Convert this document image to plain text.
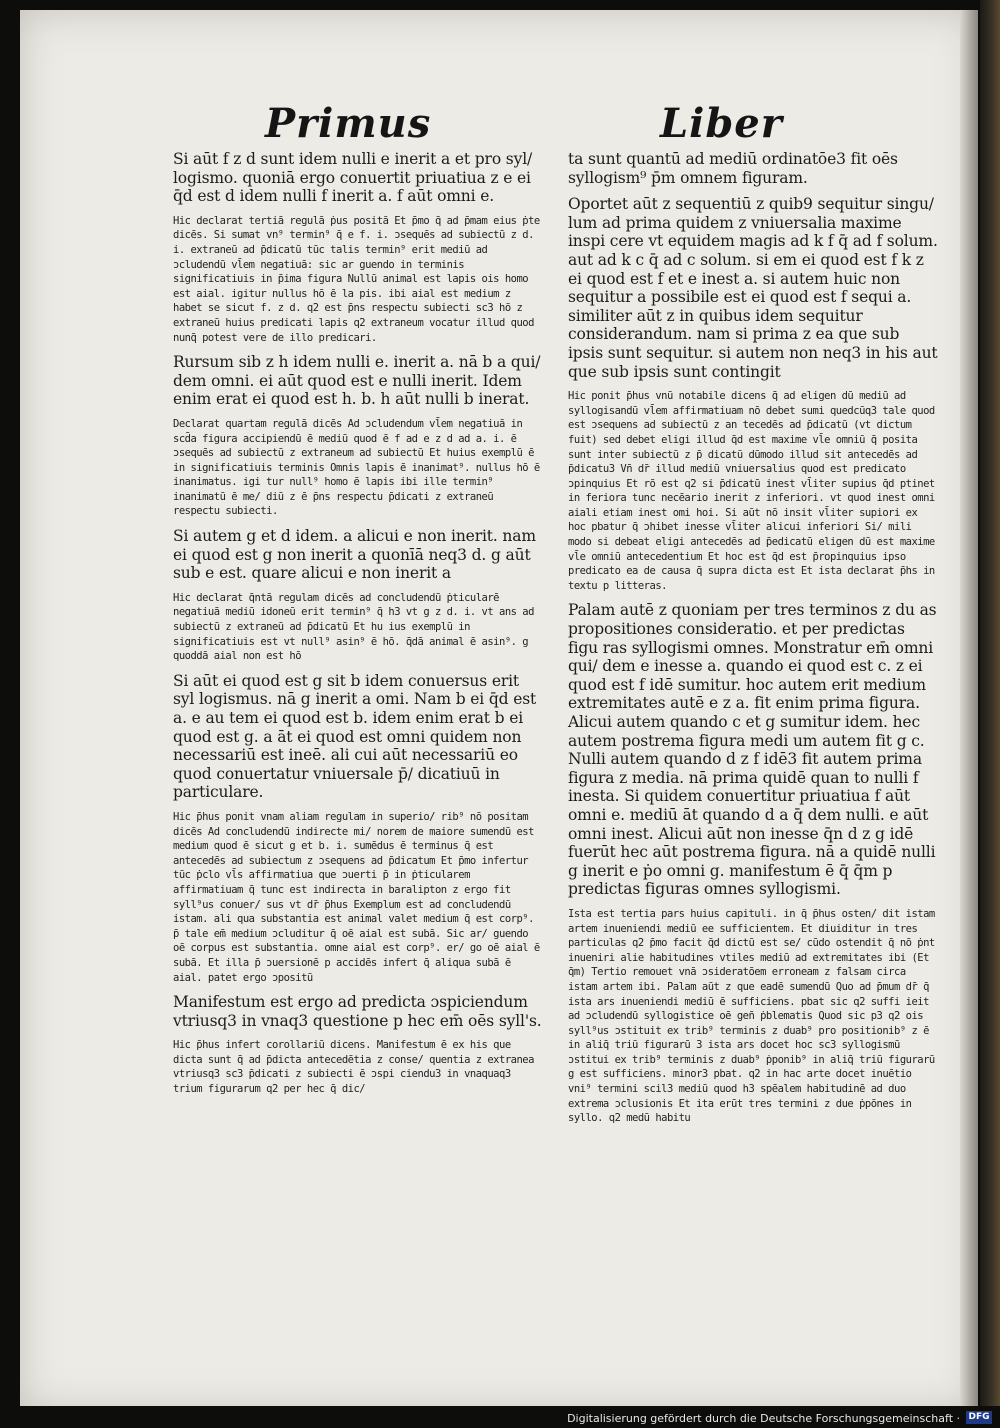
Primus	Liber

Si aūt f z d sunt idem nulli e inerit a et pro syl/ logismo. quoniā ergo conuertit priuatiua z e ei q̄d est d idem nulli f inerit a. f aūt omni e.

Hic declarat tertiā regulā ṗus positā Et p̄mo q̄ ad p̄mam eius ṗte dicēs. Si sumat vn⁹ termin⁹ q̄ e f. i. ɔsequēs ad subiectū z d. i. extraneū ad p̄dicatū tūc talis termin⁹ erit mediū ad ɔcludendū vl̄em negatiuā: sic ar guendo in terminis significatiuis in p̄ima figura Nullū animal est lapis ois homo est aial. igitur nullus hō ē la pis. ibi aial est medium z habet se sicut f. z d. q2 est p̄ns respectu subiecti sc3 hō z extraneū huius predicati lapis q2 extraneum vocatur illud quod nunq̄ potest vere de illo predicari.

Rursum sib z h idem nulli e. inerit a. nā b a qui/ dem omni. ei aūt quod est e nulli inerit. Idem enim erat ei quod est h. b. h aūt nulli b inerat.

Declarat quartam regulā dicēs Ad ɔcludendum vl̄em negatiuā in scd̄a figura accipiendū ē mediū quod ē f ad e z d ad a. i. ē ɔsequēs ad subiectū z extraneum ad subiectū Et huius exemplū ē in significatiuis terminis Omnis lapis ē inanimat⁹. nullus hō ē inanimatus. igi tur null⁹ homo ē lapis ibi ille termin⁹ inanimatū ē me/ diū z ē p̄ns respectu p̄dicati z extraneū respectu subiecti.

Si autem g et d idem. a alicui e non inerit. nam ei quod est g non inerit a quonīā neq3 d. g aūt sub e est. quare alicui e non inerit a

Hic declarat q̄ntā regulam dicēs ad concludendū ṗticularē negatiuā mediū idoneū erit termin⁹ q̄ h3 vt g z d. i. vt ans ad subiectū z extraneū ad p̄dicatū Et hu ius exemplū in significatiuis est vt null⁹ asin⁹ ē hō. q̄dā animal ē asin⁹. g quoddā aial non est hō

Si aūt ei quod est g sit b idem conuersus erit syl logismus. nā g inerit a omi. Nam b ei q̄d est a. e au tem ei quod est b. idem enim erat b ei quod est g. a āt ei quod est omni quidem non necessariū est ineē. ali cui aūt necessariū eo quod conuertatur vniuersale p̄/ dicatiuū in particulare.

Hic p̄hus ponit vnam aliam regulam in superio/ rib⁹ nō positam dicēs Ad concludendū indirecte mi/ norem de maiore sumendū est medium quod ē sicut g et b. i. sumēdus ē terminus q̄ est antecedēs ad subiectum z ɔsequens ad p̄dicatum Et p̄mo infertur tūc ṗclo vl̄s affirmatiua que ɔuerti p̄ in ṗticularem affirmatiuam q̄ tunc est indirecta in baralipton z ergo fit syll⁹us conuer/ sus vt dr̄ p̄hus Exemplum est ad concludendū istam. ali qua substantia est animal valet medium q̄ est corp⁹. p̄ tale em̄ medium ɔcluditur q̄ oē aial est subā. Sic ar/ guendo oē corpus est substantia. omne aial est corp⁹. er/ go oē aial ē subā. Et illa p̄ ɔuersionē p accidēs infert q̄ aliqua subā ē aial. patet ergo ɔpositū

Manifestum est ergo ad predicta ɔspiciendum vtriusq3 in vnaq3 questione p hec em̄ oēs syll's.

Hic p̄hus infert corollariū dicens. Manifestum ē ex his que dicta sunt q̄ ad p̄dicta antecedētia z conse/ quentia z extranea vtriusq3 sc3 p̄dicati z subiecti ē ɔspi ciendu3 in vnaquaq3 trium figurarum q2 per hec q̄ dic/

ta sunt quantū ad mediū ordinatōe3 fit oēs syllogism⁹ p̄m omnem figuram.

Oportet aūt z sequentiū z quib9 sequitur singu/ lum ad prima quidem z vniuersalia maxime inspi cere vt equidem magis ad k f q̄ ad f solum. aut ad k c q̄ ad c solum. si em ei quod est f k z ei quod est f et e inest a. si autem huic non sequitur a possibile est ei quod est f sequi a. similiter aūt z in quibus idem sequitur considerandum. nam si prima z ea que sub ipsis sunt sequitur. si autem non neq3 in his aut que sub ipsis sunt contingit

Hic ponit p̄hus vnū notabile dicens q̄ ad eligen dū mediū ad syllogisandū vl̄em affirmatiuam nō debet sumi quedcūq3 tale quod est ɔsequens ad subiectū z an tecedēs ad p̄dicatū (vt dictum fuit) sed debet eligi illud q̄d est maxime vl̄e omniū q̄ posita sunt inter subiectū z p̄ dicatū dūmodo illud sit antecedēs ad p̄dicatu3 Vn̄ dr̄ illud mediū vniuersalius quod est predicato ɔpinquius Et rō est q2 si p̄dicatū inest vl̄iter supius q̄d ptinet in feriora tunc necēario inerit z inferiori. vt quod inest omni aiali etiam inest omi hoi. Si aūt nō insit vl̄iter supiori ex hoc pbatur q̄ ɔhibet inesse vl̄iter alicui inferiori Si/ mili modo si debeat eligi antecedēs ad p̄edicatū eligen dū est maxime vl̄e omniū antecedentium Et hoc est q̄d est p̄ropinquius ipso predicato ea de causa q̄ supra dicta est Et ista declarat p̄hs in textu p litteras.

Palam autē z quoniam per tres terminos z du as propositiones consideratio. et per predictas figu ras syllogismi omnes. Monstratur em̄ omni qui/ dem e inesse a. quando ei quod est c. z ei quod est f idē sumitur. hoc autem erit medium extremitates autē e z a. fit enim prima figura. Alicui autem quando c et g sumitur idem. hec autem postrema figura medi um autem fit g c. Nulli autem quando d z f idē3 fit autem prima figura z media. nā prima quidē quan to nulli f inesta. Si quidem conuertitur priuatiua f aūt omni e. mediū āt quando d a q̄ dem nulli. e aūt omni inest. Alicui aūt non inesse q̄n d z g idē fuerūt hec aūt postrema figura. nā a quidē nulli g inerit e ṗo omni g. manifestum ē q̄ q̄m p predictas figuras omnes syllogismi.

Ista est tertia pars huius capituli. in q̄ p̄hus osten/ dit istam artem inueniendi mediū ee sufficientem. Et diuiditur in tres particulas q2 p̄mo facit q̄d dictū est se/ cūdo ostendit q̄ nō ṗnt inueniri alie habitudines vtiles mediū ad extremitates ibi (Et q̄m) Tertio remouet vnā ɔsideratōem erroneam z falsam circa istam artem ibi. Palam aūt z que eadē sumendū Quo ad p̄mum dr̄ q̄ ista ars inueniendi mediū ē sufficiens. pbat sic q2 suffi ieit ad ɔcludendū syllogistice oē gen̄ ṗblematis Quod sic p3 q2 ois syll⁹us ɔstituit ex trib⁹ terminis z duab⁹ pro positionib⁹ z ē in aliq̄ triū figurarū 3 ista ars docet hoc sc3 syllogismū ɔstitui ex trib⁹ terminis z duab⁹ ṗponib⁹ in aliq̄ triū figurarū g est sufficiens. minor3 pbat. q2 in hac arte docet inuētio vni⁹ termini scil3 mediū quod h3 spēalem habitudinē ad duo extrema ɔclusionis Et ita erūt tres termini z due ṗpōnes in syllo. q2 medū habitu

Digitalisierung gefördert durch die Deutsche Forschungsgemeinschaft · DFG
